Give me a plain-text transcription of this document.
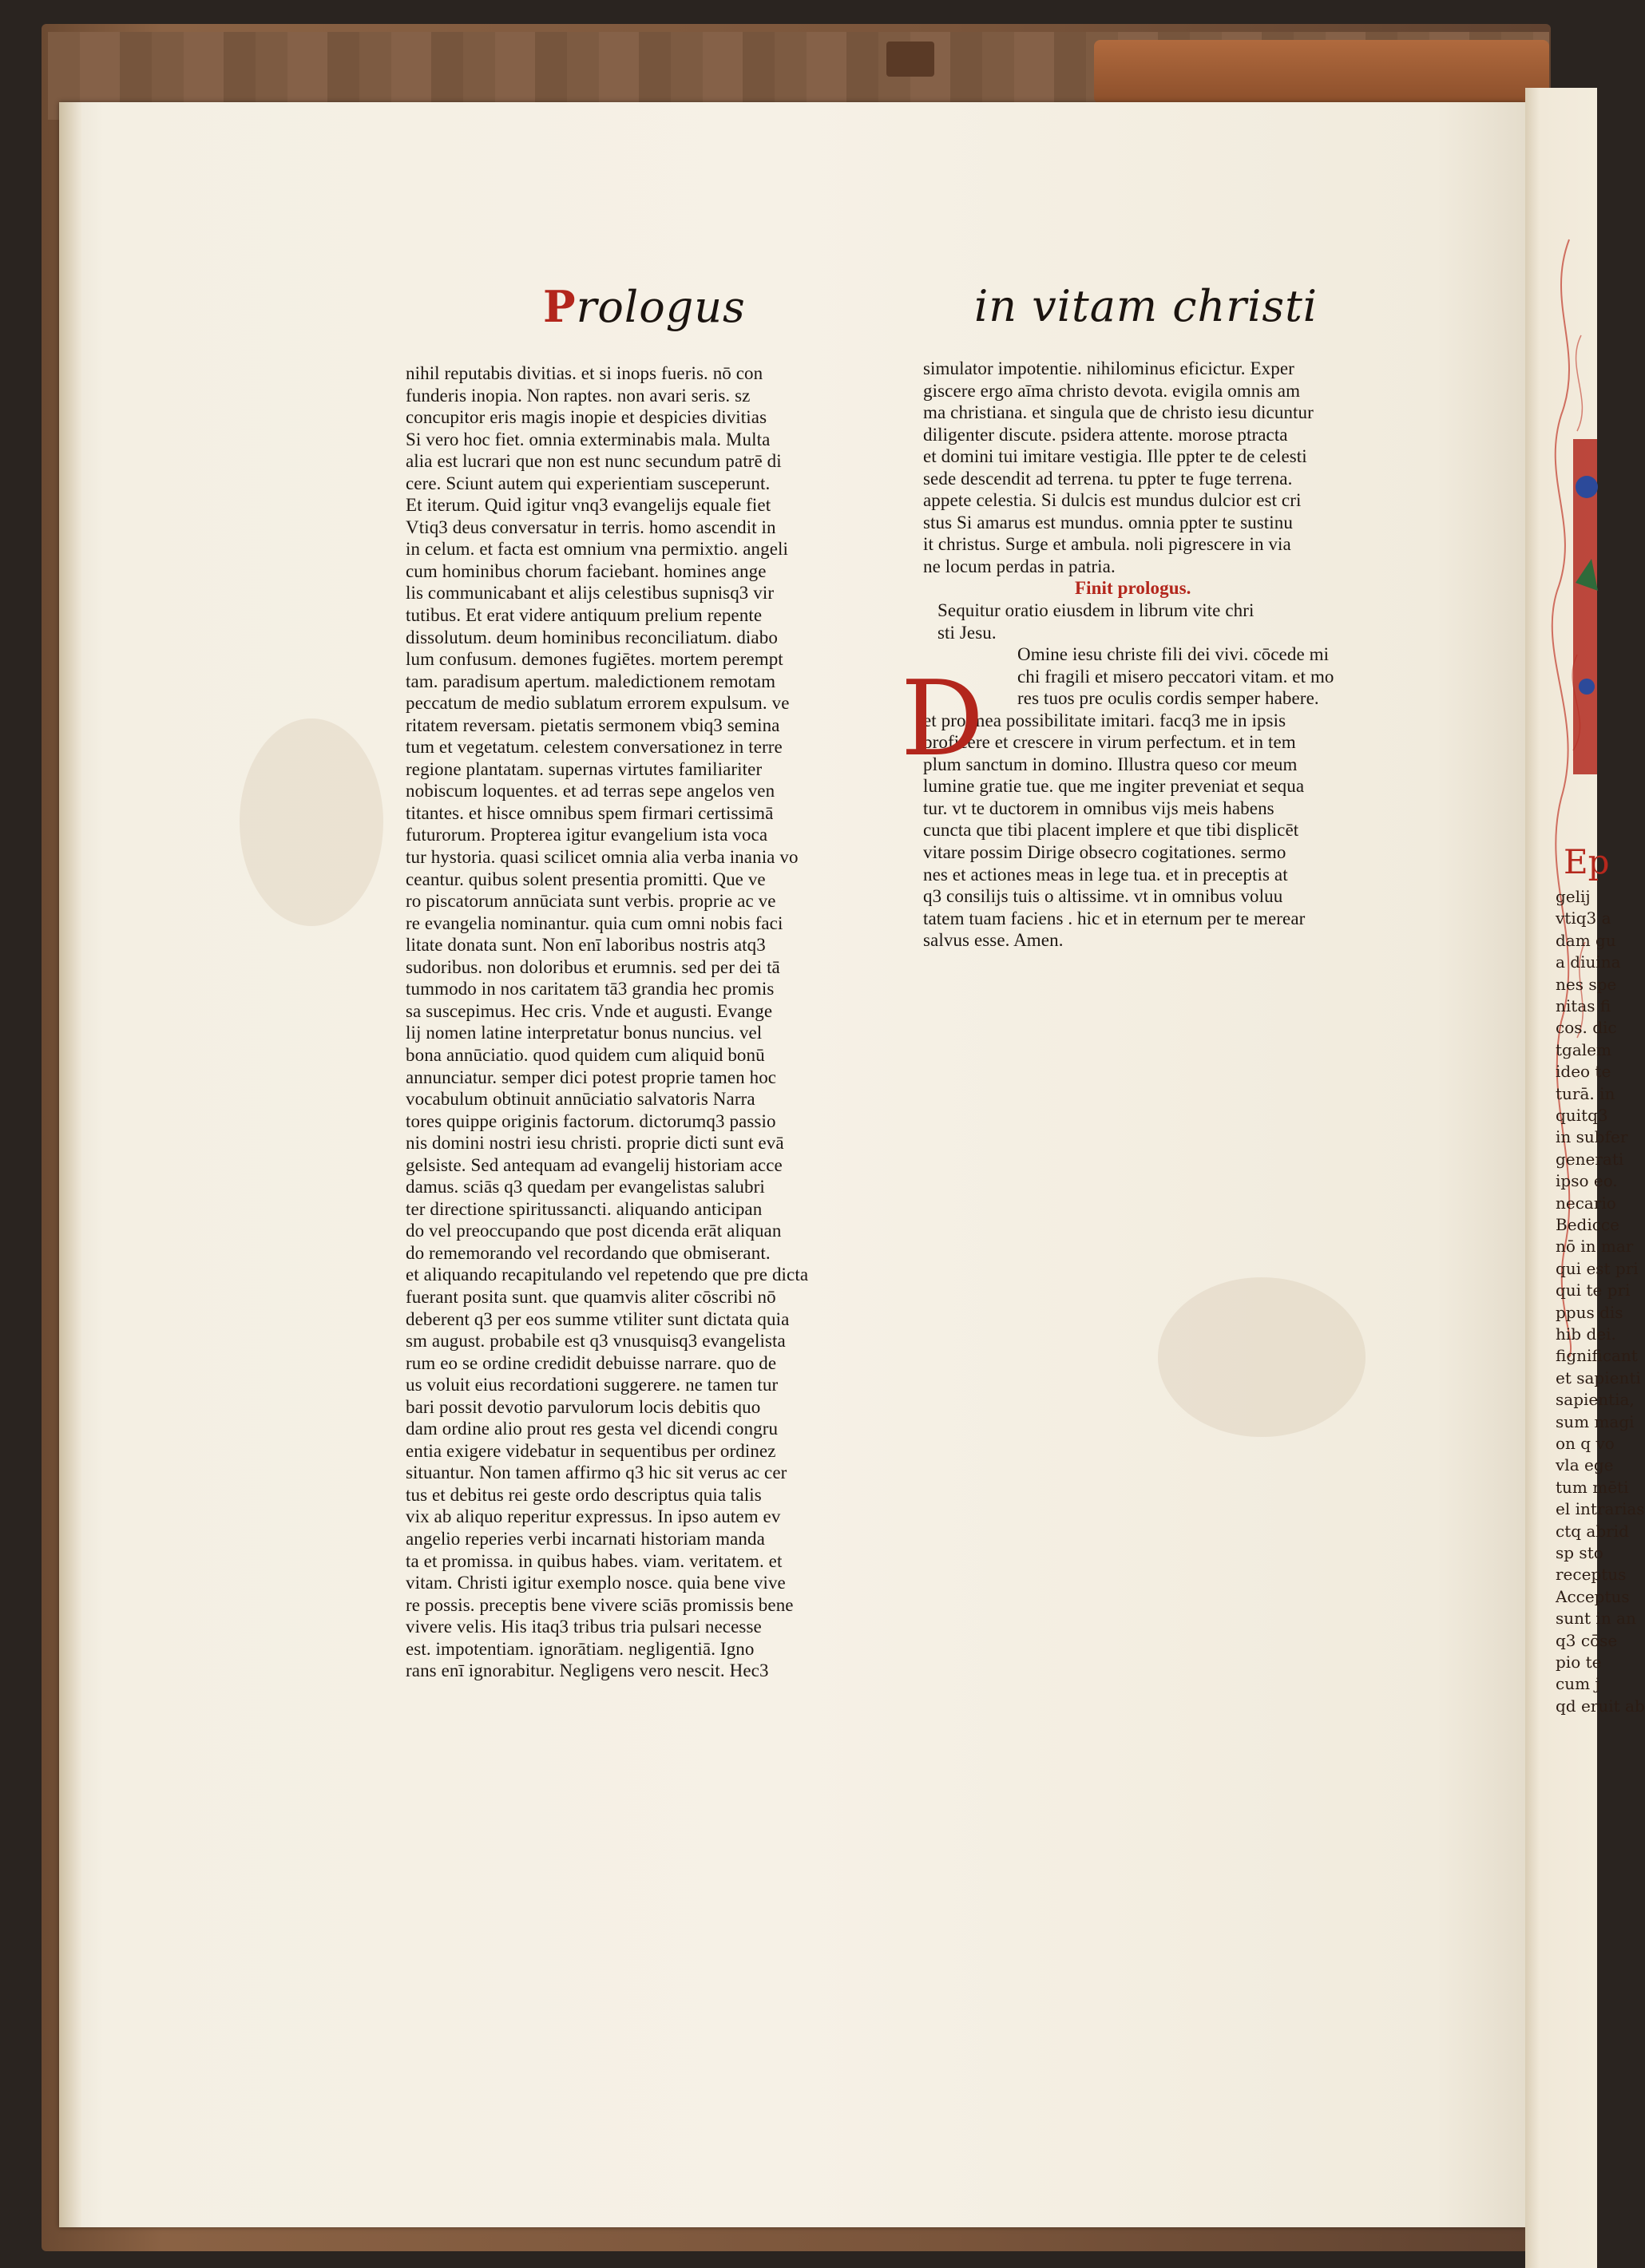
Ep
gelij
vtiq3 a
dam gu
a diuina
nes spe
nitas fi
cos. dic
tgalem
ideo te
turā. in
quitq3
in subfer
generati
ipso eo.
necario
Bedicce
nō in mar
qui est pri
qui te pri
ppus dis
hib dei.
fignificant
et sapienti
sapientia,
sum magi
on q vo
vla ege
tum mēti
el intrarias
ctq abrid
sp sto
receptus
Acceptus
sunt in an
q3 cōse
pio te
cum j
qd eruit ab
Prologus	in vitam christi
nihil reputabis divitias. et si inops fueris. nō con
funderis inopia. Non raptes. non avari seris. sz
concupitor eris magis inopie et despicies divitias
Si vero hoc fiet. omnia exterminabis mala. Multa
alia est lucrari que non est nunc secundum patrē di
cere. Sciunt autem qui experientiam susceperunt.
Et iterum. Quid igitur vnq3 evangelijs equale fiet
Vtiq3 deus conversatur in terris. homo ascendit in
in celum. et facta est omnium vna permixtio. angeli
cum hominibus chorum faciebant. homines ange
lis communicabant et alijs celestibus supnisq3 vir
tutibus. Et erat videre antiquum prelium repente
dissolutum. deum hominibus reconciliatum. diabo
lum confusum. demones fugiētes. mortem perempt
tam. paradisum apertum. maledictionem remotam
peccatum de medio sublatum errorem expulsum. ve
ritatem reversam. pietatis sermonem vbiq3 semina
tum et vegetatum. celestem conversationez in terre
regione plantatam. supernas virtutes familiariter
nobiscum loquentes. et ad terras sepe angelos ven
titantes. et hisce omnibus spem firmari certissimā
futurorum. Propterea igitur evangelium ista voca
tur hystoria. quasi scilicet omnia alia verba inania vo
ceantur. quibus solent presentia promitti. Que ve
ro piscatorum annūciata sunt verbis. proprie ac ve
re evangelia nominantur. quia cum omni nobis faci
litate donata sunt. Non enī laboribus nostris atq3
sudoribus. non doloribus et erumnis. sed per dei tā
tummodo in nos caritatem tā3 grandia hec promis
sa suscepimus. Hec cris. Vnde et augusti. Evange
lij nomen latine interpretatur bonus nuncius. vel
bona annūciatio. quod quidem cum aliquid bonū
annunciatur. semper dici potest proprie tamen hoc
vocabulum obtinuit annūciatio salvatoris Narra
tores quippe originis factorum. dictorumq3 passio
nis domini nostri iesu christi. proprie dicti sunt evā
gelsiste. Sed antequam ad evangelij historiam acce
damus. sciās q3 quedam per evangelistas salubri
ter directione spiritussancti. aliquando anticipan
do vel preoccupando que post dicenda erāt aliquan
do rememorando vel recordando que obmiserant.
et aliquando recapitulando vel repetendo que pre dicta
fuerant posita sunt. que quamvis aliter cōscribi nō
deberent q3 per eos summe vtiliter sunt dictata quia
sm august. probabile est q3 vnusquisq3 evangelista
rum eo se ordine credidit debuisse narrare. quo de
us voluit eius recordationi suggerere. ne tamen tur
bari possit devotio parvulorum locis debitis quo
dam ordine alio prout res gesta vel dicendi congru
entia exigere videbatur in sequentibus per ordinez
situantur. Non tamen affirmo q3 hic sit verus ac cer
tus et debitus rei geste ordo descriptus quia talis
vix ab aliquo reperitur expressus. In ipso autem ev
angelio reperies verbi incarnati historiam manda
ta et promissa. in quibus habes. viam. veritatem. et
vitam. Christi igitur exemplo nosce. quia bene vive
re possis. preceptis bene vivere sciās promissis bene
vivere velis. His itaq3 tribus tria pulsari necesse
est. impotentiam. ignorātiam. negligentiā. Igno
rans enī ignorabitur. Negligens vero nescit. Hec3
simulator impotentie. nihilominus eficictur. Exper
giscere ergo aīma christo devota. evigila omnis am
ma christiana. et singula que de christo iesu dicuntur
diligenter discute. psidera attente. morose ptracta
et domini tui imitare vestigia. Ille ppter te de celesti
sede descendit ad terrena. tu ppter te fuge terrena.
appete celestia. Si dulcis est mundus dulcior est cri
stus Si amarus est mundus. omnia ppter te sustinu
it christus. Surge et ambula. noli pigrescere in via
ne locum perdas in patria.
Finit prologus.
Sequitur oratio eiusdem in librum vite chri
sti Jesu.
Omine iesu christe fili dei vivi. cōcede mi
chi fragili et misero peccatori vitam. et mo
res tuos pre oculis cordis semper habere.
et pro mea possibilitate imitari. facq3 me in ipsis
proficere et crescere in virum perfectum. et in tem
plum sanctum in domino. Illustra queso cor meum
lumine gratie tue. que me ingiter preveniat et sequa
tur. vt te ductorem in omnibus vijs meis habens
cuncta que tibi placent implere et que tibi displicēt
vitare possim Dirige obsecro cogitationes. sermo
nes et actiones meas in lege tua. et in preceptis at
q3 consilijs tuis o altissime. vt in omnibus voluu
tatem tuam faciens . hic et in eternum per te merear
salvus esse. Amen.
D
